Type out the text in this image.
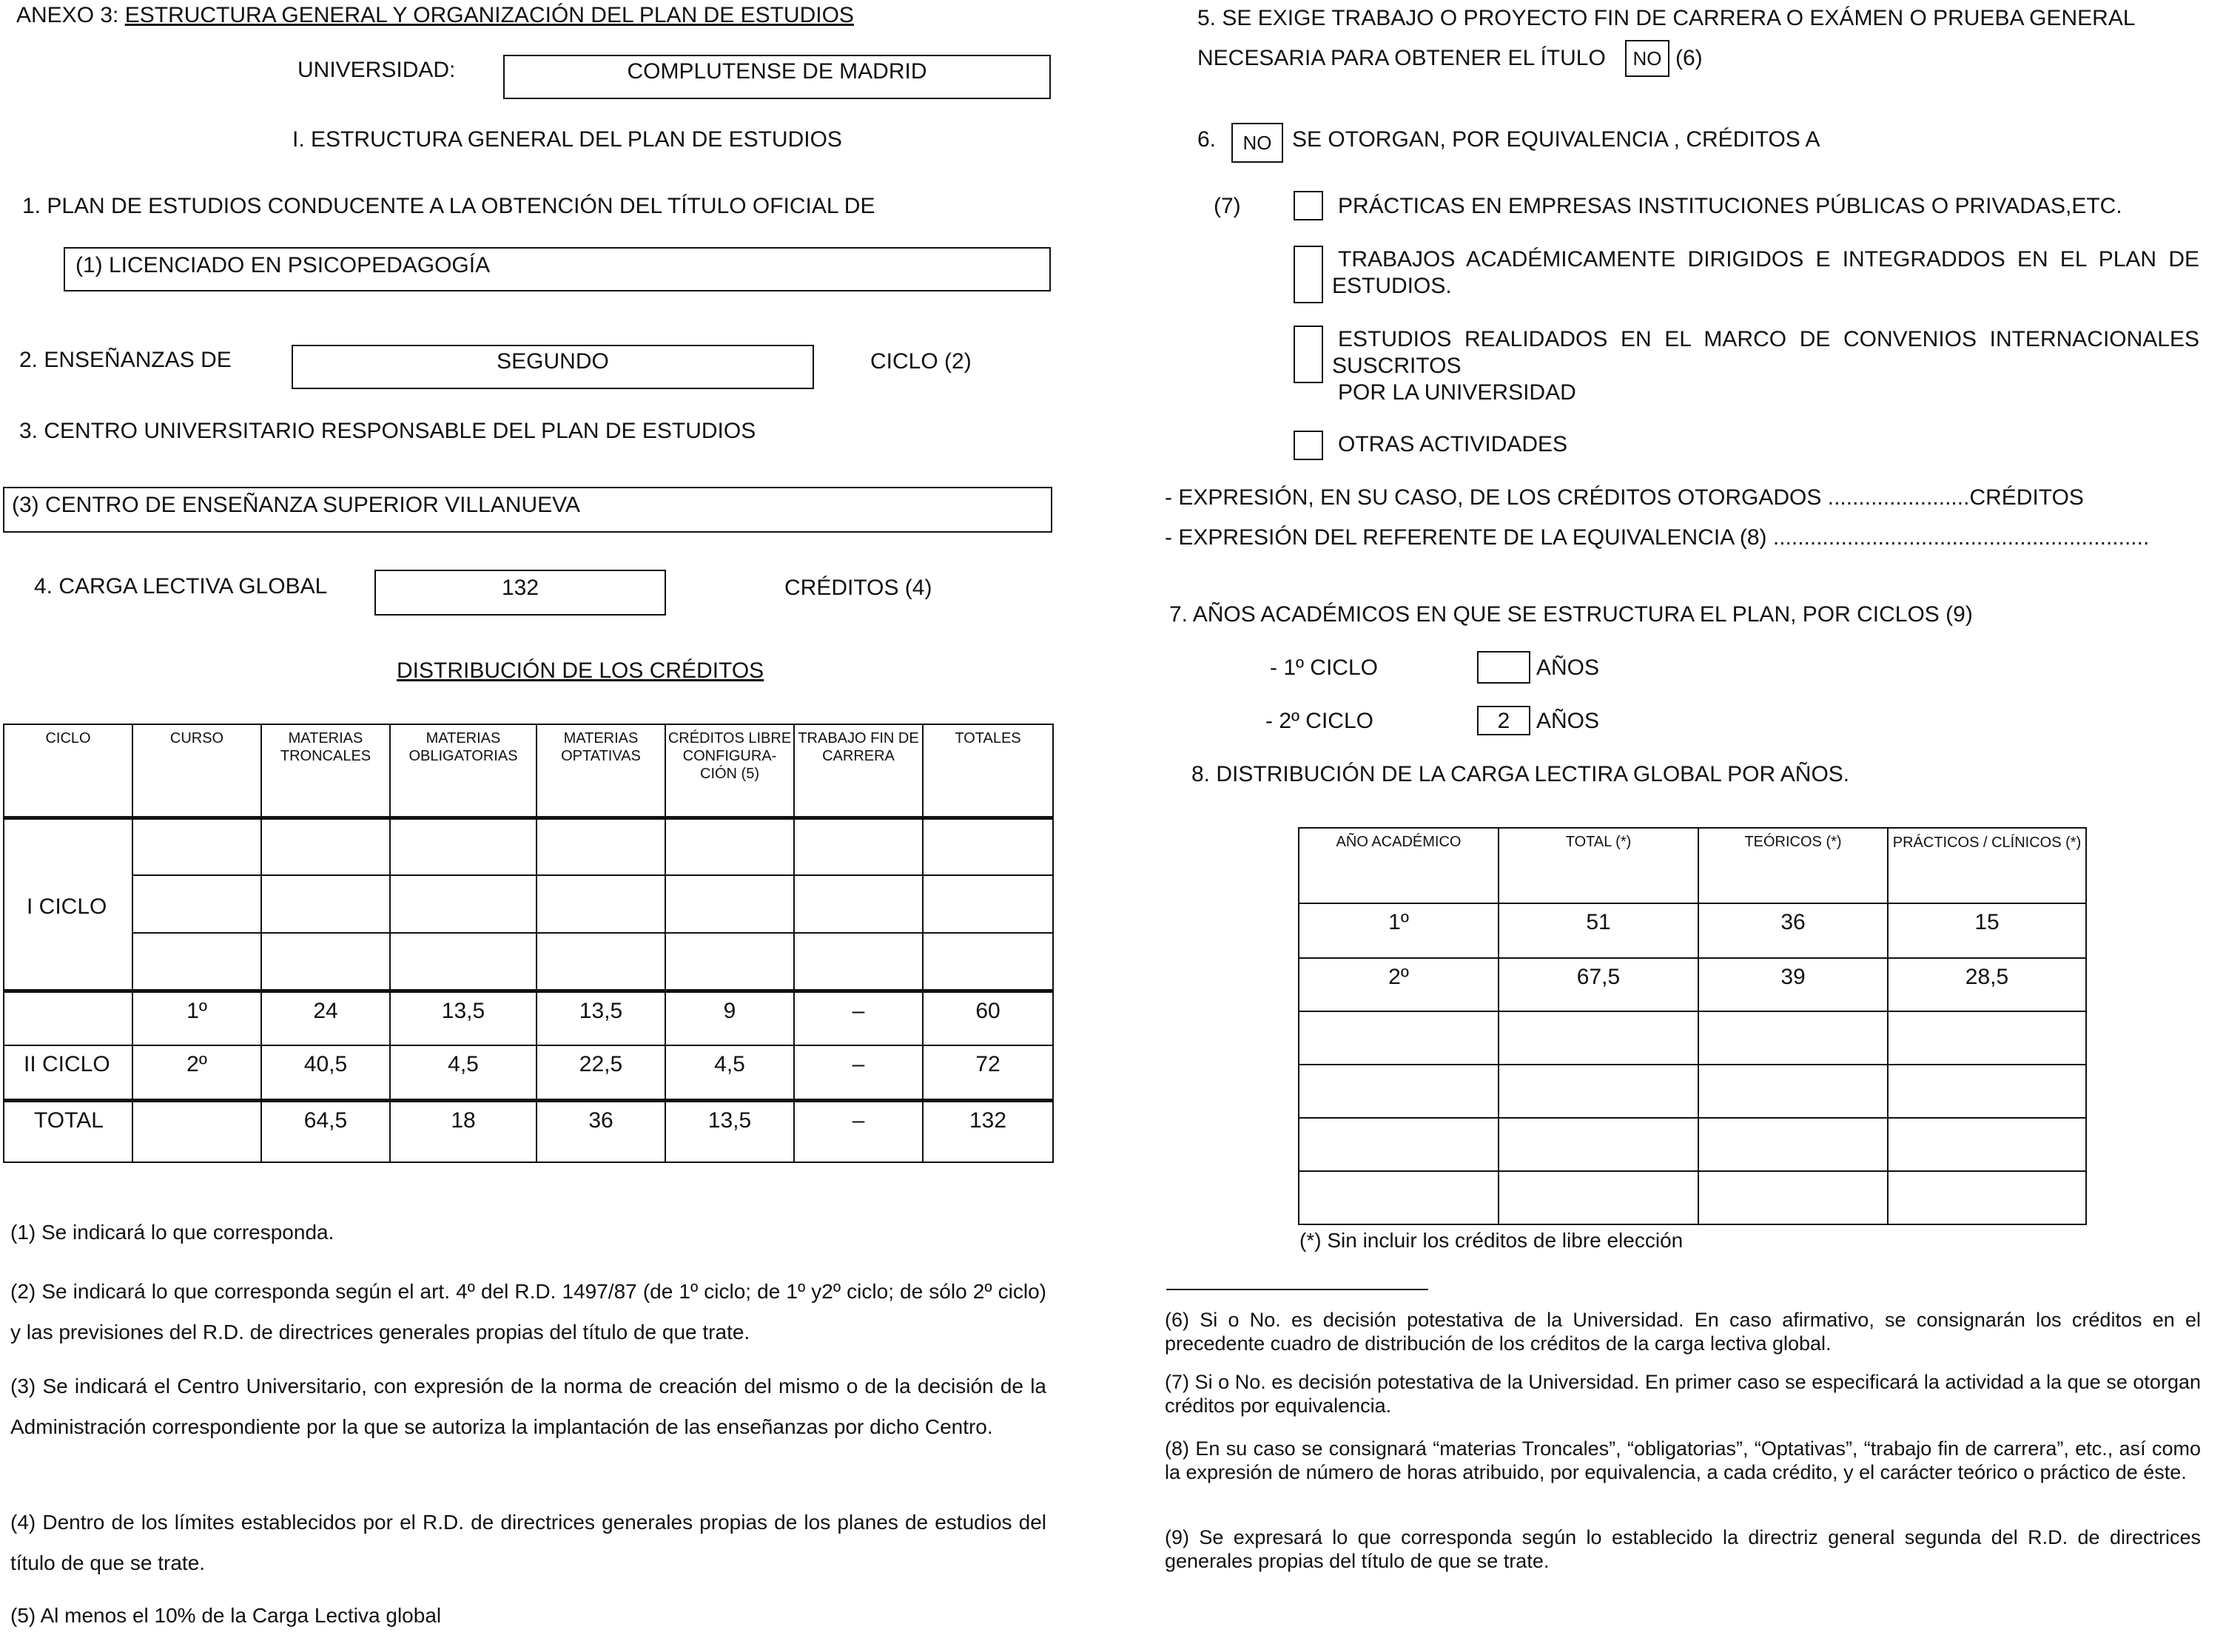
ANEXO 3: ESTRUCTURA GENERAL Y ORGANIZACIÓN DEL PLAN DE ESTUDIOS
UNIVERSIDAD:	COMPLUTENSE DE MADRID
I. ESTRUCTURA GENERAL DEL PLAN DE ESTUDIOS
1. PLAN DE ESTUDIOS CONDUCENTE A LA OBTENCIÓN DEL TÍTULO OFICIAL DE
(1) LICENCIADO EN PSICOPEDAGOGÍA
2. ENSEÑANZAS DE	SEGUNDO	CICLO (2)
3. CENTRO UNIVERSITARIO RESPONSABLE DEL PLAN DE ESTUDIOS
(3) CENTRO DE ENSEÑANZA SUPERIOR VILLANUEVA
4. CARGA LECTIVA GLOBAL	132	CRÉDITOS (4)
DISTRIBUCIÓN DE LOS CRÉDITOS
CICLO	CURSO	MATERIAS TRONCALES	MATERIAS OBLIGATORIAS	MATERIAS OPTATIVAS	CRÉDITOS LIBRE CONFIGURA- CIÓN (5)	TRABAJO FIN DE CARRERA	TOTALES
I CICLO							

	1º	24	13,5	13,5	9	–	60
II CICLO	2º	40,5	4,5	22,5	4,5	–	72
TOTAL		64,5	18	36	13,5	–	132
(1) Se indicará lo que corresponda.
(2) Se indicará lo que corresponda según el art. 4º del R.D. 1497/87 (de 1º ciclo; de 1º y2º ciclo; de sólo 2º ciclo) y las previsiones del R.D. de directrices generales propias del título de que trate.
(3) Se indicará el Centro Universitario, con expresión de la norma de creación del mismo o de la decisión de la Administración correspondiente por la que se autoriza la implantación de las enseñanzas por dicho Centro.
(4) Dentro de los límites establecidos por el R.D. de directrices generales propias de los planes de estudios del título de que se trate.
(5) Al menos el 10% de la Carga Lectiva global
5. SE EXIGE TRABAJO O PROYECTO FIN DE CARRERA O EXÁMEN O PRUEBA GENERAL
NECESARIA PARA OBTENER EL ÍTULO	NO (6)
6.	NO SE OTORGAN, POR EQUIVALENCIA , CRÉDITOS A
(7)	PRÁCTICAS EN EMPRESAS INSTITUCIONES PÚBLICAS O PRIVADAS,ETC.
TRABAJOS ACADÉMICAMENTE DIRIGIDOS E INTEGRADDOS EN EL PLAN DE
ESTUDIOS.
ESTUDIOS REALIDADOS EN EL MARCO DE CONVENIOS INTERNACIONALES
SUSCRITOS
POR LA UNIVERSIDAD
OTRAS ACTIVIDADES
- EXPRESIÓN, EN SU CASO, DE LOS CRÉDITOS OTORGADOS .......................CRÉDITOS
- EXPRESIÓN DEL REFERENTE DE LA EQUIVALENCIA (8) .............................................................
7. AÑOS ACADÉMICOS EN QUE SE ESTRUCTURA EL PLAN, POR CICLOS (9)
- 1º CICLO	AÑOS
- 2º CICLO	2	AÑOS
8. DISTRIBUCIÓN DE LA CARGA LECTIRA GLOBAL POR AÑOS.
AÑO ACADÉMICO	TOTAL (*)	TEÓRICOS (*)	PRÁCTICOS / CLÍNICOS (*)
1º	51	36	15
2º	67,5	39	28,5

(*) Sin incluir los créditos de libre elección
(6) Si o No. es decisión potestativa de la Universidad. En caso afirmativo, se consignarán los créditos en el precedente cuadro de distribución de los créditos de la carga lectiva global.
(7) Si o No. es decisión potestativa de la Universidad. En primer caso se especificará la actividad a la que se otorgan créditos por equivalencia.
(8) En su caso se consignará “materias Troncales”, “obligatorias”, “Optativas”, “trabajo fin de carrera”, etc., así como la expresión de número de horas atribuido, por equivalencia, a cada crédito, y el carácter teórico o práctico de éste.
(9) Se expresará lo que corresponda según lo establecido la directriz general segunda del R.D. de directrices generales propias del título de que se trate.
